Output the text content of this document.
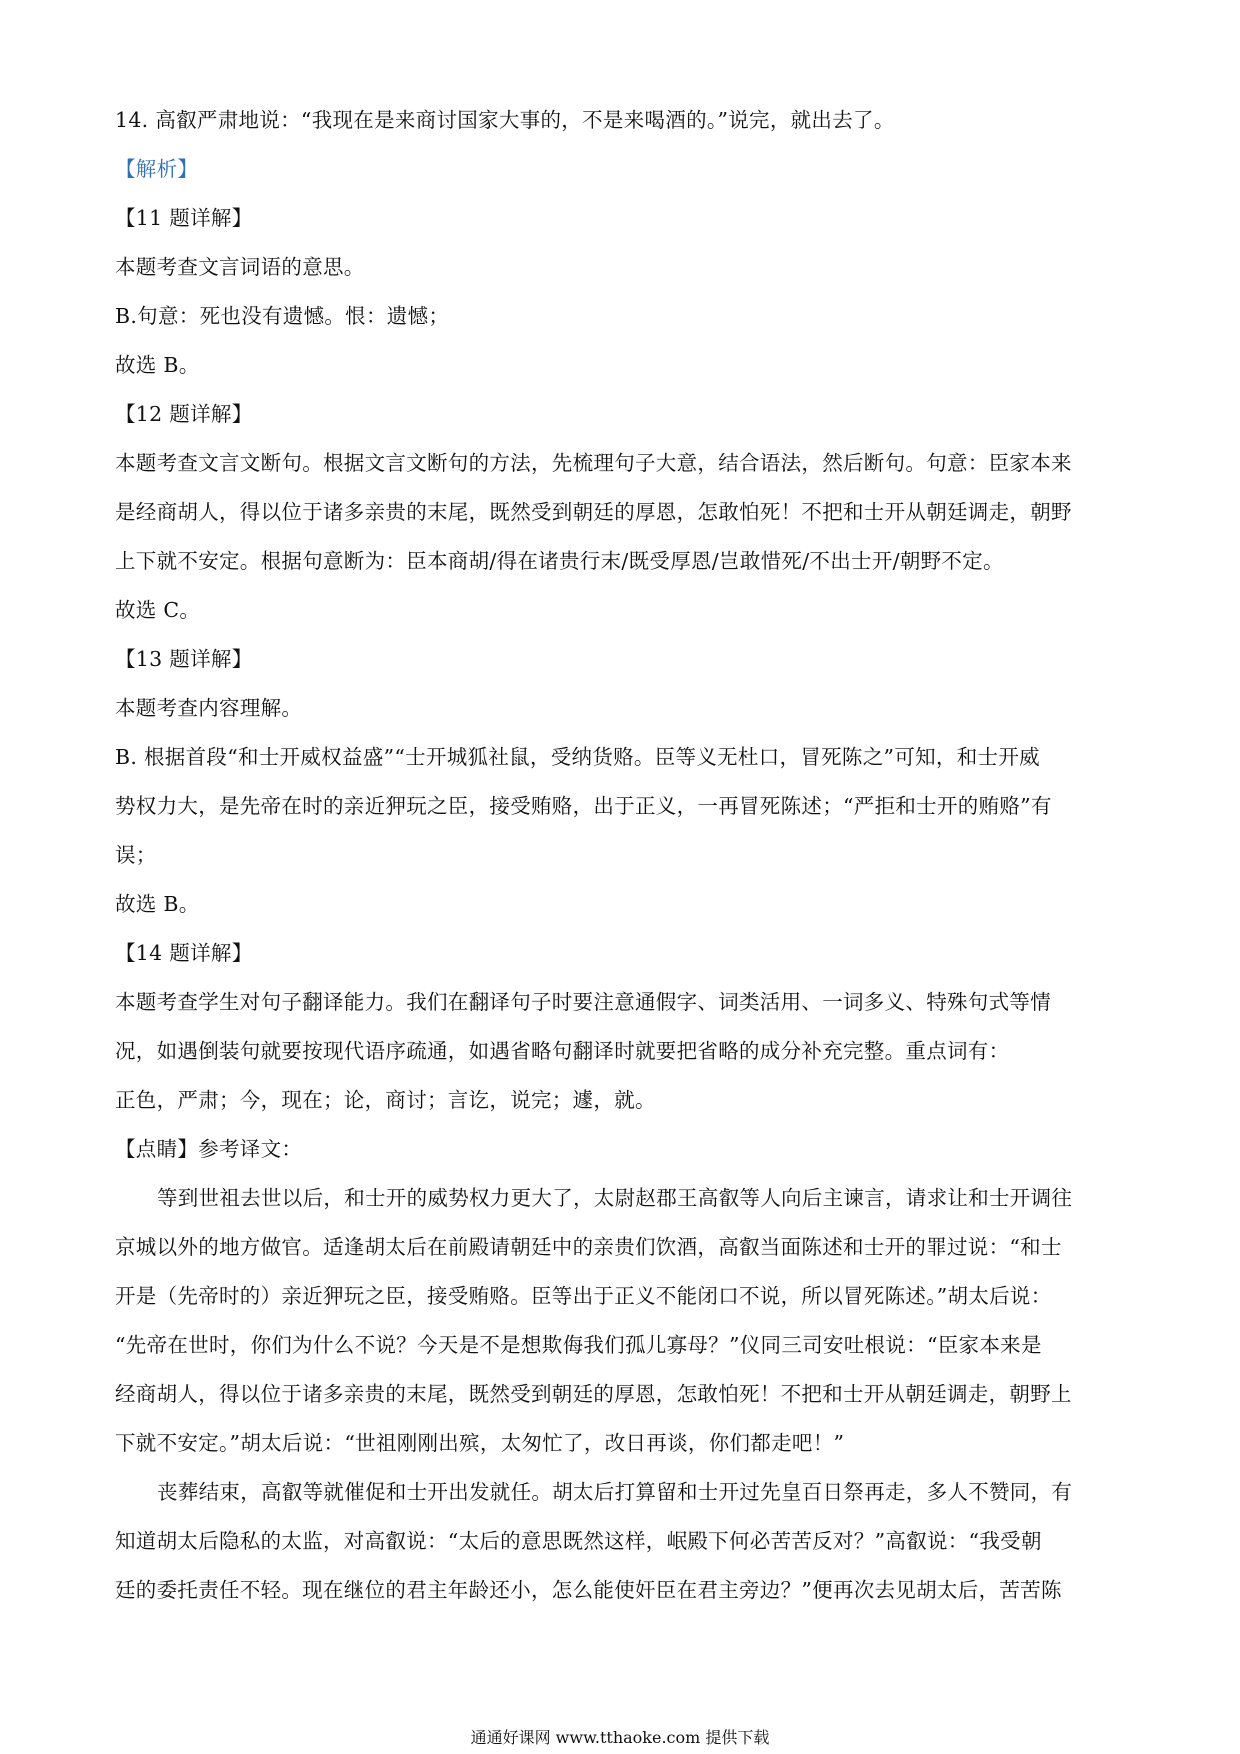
14. 高叡严肃地说：“我现在是来商讨国家大事的，不是来喝酒的。”说完，就出去了。
【解析】
【11 题详解】
本题考查文言词语的意思。
B.句意：死也没有遗憾。恨：遗憾；
故选 B。
【12 题详解】
本题考查文言文断句。根据文言文断句的方法，先梳理句子大意，结合语法，然后断句。句意：臣家本来
是经商胡人，得以位于诸多亲贵的末尾，既然受到朝廷的厚恩，怎敢怕死！不把和士开从朝廷调走，朝野
上下就不安定。根据句意断为：臣本商胡/得在诸贵行末/既受厚恩/岂敢惜死/不出士开/朝野不定。
故选 C。
【13 题详解】
本题考查内容理解。
B. 根据首段“和士开威权益盛”“士开城狐社鼠，受纳货赂。臣等义无杜口，冒死陈之”可知，和士开威
势权力大，是先帝在时的亲近狎玩之臣，接受贿赂，出于正义，一再冒死陈述；“严拒和士开的贿赂”有
误；
故选 B。
【14 题详解】
本题考查学生对句子翻译能力。我们在翻译句子时要注意通假字、词类活用、一词多义、特殊句式等情
况，如遇倒装句就要按现代语序疏通，如遇省略句翻译时就要把省略的成分补充完整。重点词有：
正色，严肃；今，现在；论，商讨；言讫，说完；遽，就。
【点睛】参考译文：
等到世祖去世以后，和士开的威势权力更大了，太尉赵郡王高叡等人向后主谏言，请求让和士开调往
京城以外的地方做官。适逢胡太后在前殿请朝廷中的亲贵们饮酒，高叡当面陈述和士开的罪过说：“和士
开是（先帝时的）亲近狎玩之臣，接受贿赂。臣等出于正义不能闭口不说，所以冒死陈述。”胡太后说：
“先帝在世时，你们为什么不说？今天是不是想欺侮我们孤儿寡母？”仪同三司安吐根说：“臣家本来是
经商胡人，得以位于诸多亲贵的末尾，既然受到朝廷的厚恩，怎敢怕死！不把和士开从朝廷调走，朝野上
下就不安定。”胡太后说：“世祖刚刚出殡，太匆忙了，改日再谈，你们都走吧！”
丧葬结束，高叡等就催促和士开出发就任。胡太后打算留和士开过先皇百日祭再走，多人不赞同，有
知道胡太后隐私的太监，对高叡说：“太后的意思既然这样，岷殿下何必苦苦反对？”高叡说：“我受朝
廷的委托责任不轻。现在继位的君主年龄还小，怎么能使奸臣在君主旁边？”便再次去见胡太后，苦苦陈
通通好课网 www.tthaoke.com 提供下载
